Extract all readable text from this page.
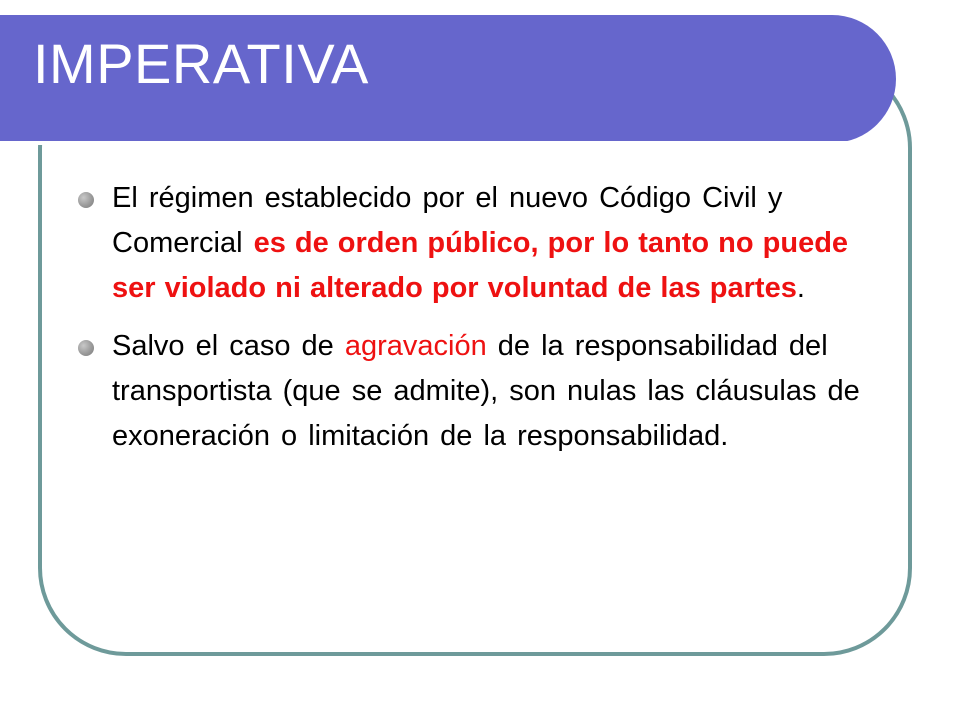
IMPERATIVA
El régimen establecido por el nuevo Código Civil y Comercial es de orden público, por lo tanto no puede ser violado ni alterado por voluntad de las partes.
Salvo el caso de agravación de la responsabilidad del transportista (que se admite), son nulas las cláusulas de exoneración o limitación de la responsabilidad.
